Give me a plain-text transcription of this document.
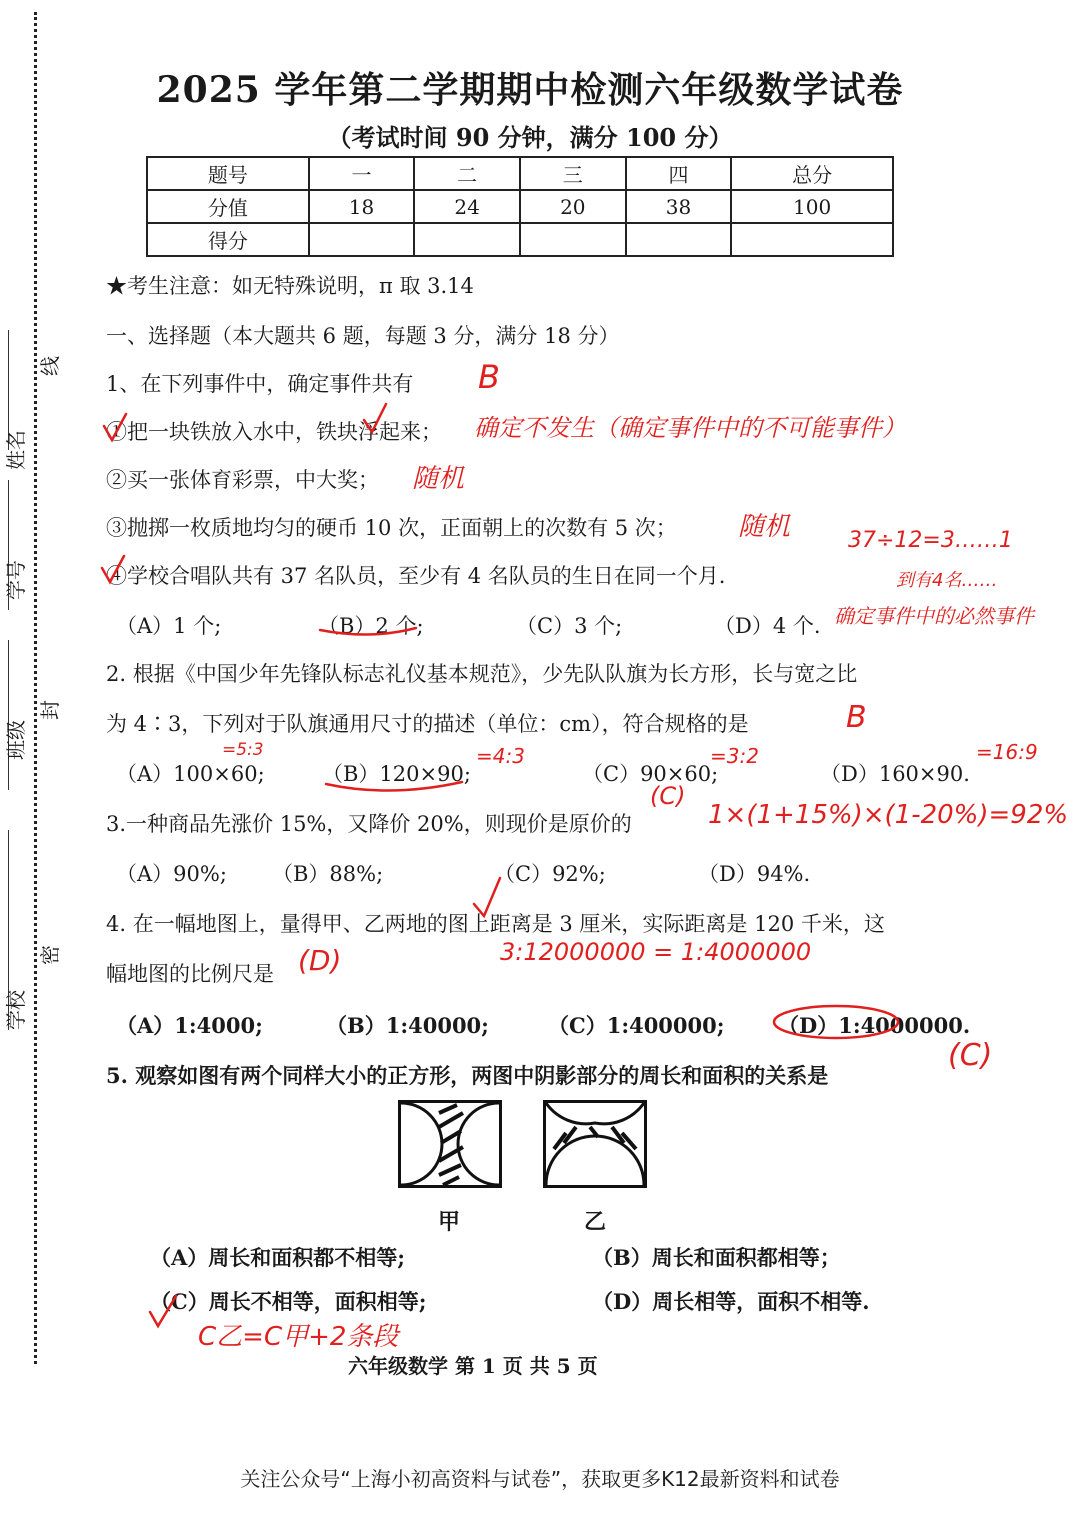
线
姓名
学号
封
班级
密
学校
2025 学年第二学期期中检测六年级数学试卷
（考试时间 90 分钟，满分 100 分）
题号	一	二	三	四	总分
分值	18	24	20	38	100
得分					
★考生注意：如无特殊说明，π 取 3.14
一、选择题（本大题共 6 题，每题 3 分，满分 18 分）
1、在下列事件中，确定事件共有
①把一块铁放入水中，铁块浮起来；
②买一张体育彩票，中大奖；
③抛掷一枚质地均匀的硬币 10 次，正面朝上的次数有 5 次；
④学校合唱队共有 37 名队员，至少有 4 名队员的生日在同一个月.
（A）1 个;	（B）2 个;	（C）3 个;	（D）4 个.
2. 根据《中国少年先锋队标志礼仪基本规范》，少先队队旗为长方形，长与宽之比
为 4∶3，下列对于队旗通用尺寸的描述（单位：cm），符合规格的是
（A）100×60;	（B）120×90;	（C）90×60;	（D）160×90.
3.一种商品先涨价 15%，又降价 20%，则现价是原价的
（A）90%; （B）88%;	（C）92%;	（D）94%.
4. 在一幅地图上，量得甲、乙两地的图上距离是 3 厘米，实际距离是 120 千米，这
幅地图的比例尺是
（A）1:4000;	（B）1:40000;	（C）1:400000;	（D）1:4000000.
5. 观察如图有两个同样大小的正方形，两图中阴影部分的周长和面积的关系是
甲	乙
（A）周长和面积都不相等;	（B）周长和面积都相等；
（C）周长不相等，面积相等;	（D）周长相等，面积不相等.
六年级数学 第 1 页 共 5 页
关注公众号“上海小初高资料与试卷”，获取更多K12最新资料和试卷
B
确定不发生（确定事件中的不可能事件）
随机
随机	37÷12=3……1
到有4名……
确定事件中的必然事件
B
=5:3	=4:3	=3:2	=16:9
(C)
1×(1+15%)×(1-20%)=92%
3:12000000 = 1:4000000
(D)
(C)
C乙=C甲+2条段
